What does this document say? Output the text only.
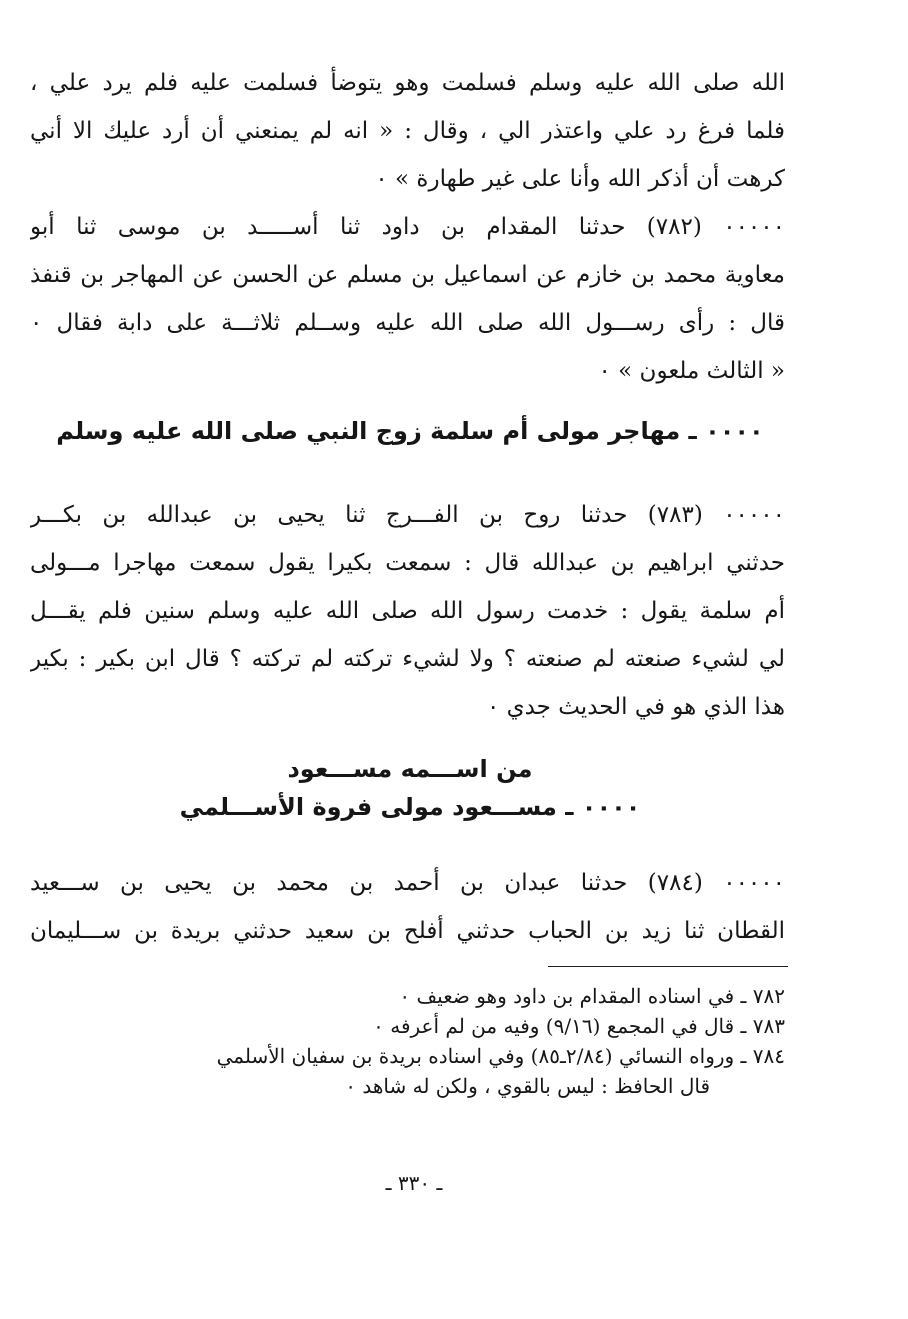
الله صلى الله عليه وسلم فسلمت وهو يتوضأ فسلمت عليه فلم يرد علي ،
فلما فرغ رد علي واعتذر الي ، وقال : « انه لم يمنعني أن أرد عليك الا أني
كرهت أن أذكر الله وأنا على غير طهارة » ٠
٠٠٠٠٠ (٧٨٢) حدثنا المقدام بن داود ثنا أســـــد بن موسى ثنا أبو
معاوية محمد بن خازم عن اسماعيل بن مسلم عن الحسن عن المهاجر بن قنفذ
قال : رأى رســـول الله صلى الله عليه وســلم ثلاثـــة على دابة فقال ٠
« الثالث ملعون » ٠
٠٠٠٠ ـ مهاجر مولى أم سلمة زوج النبي صلى الله عليه وسلم
٠٠٠٠٠ (٧٨٣) حدثنا روح بن الفـــرج ثنا يحيى بن عبدالله بن بكـــر
حدثني ابراهيم بن عبدالله قال : سمعت بكيرا يقول سمعت مهاجرا مـــولى
أم سلمة يقول : خدمت رسول الله صلى الله عليه وسلم سنين فلم يقـــل
لي لشيء صنعته لم صنعته ؟ ولا لشيء تركته لم تركته ؟ قال ابن بكير : بكير
هذا الذي هو في الحديث جدي ٠
من اســـمه مســـعود
٠٠٠٠ ـ مســـعود مولى فروة الأســـلمي
٠٠٠٠٠ (٧٨٤) حدثنا عبدان بن أحمد بن محمد بن يحيى بن ســـعيد
القطان ثنا زيد بن الحباب حدثني أفلح بن سعيد حدثني بريدة بن ســـليمان
٧٨٢ ـ في اسناده المقدام بن داود وهو ضعيف ٠
٧٨٣ ـ قال في المجمع (٩/١٦) وفيه من لم أعرفه ٠
٧٨٤ ـ ورواه النسائي (٢/٨٤ـ٨٥) وفي اسناده بريدة بن سفيان الأسلمي
قال الحافظ : ليس بالقوي ، ولكن له شاهد ٠
ـ ٣٣٠ ـ
